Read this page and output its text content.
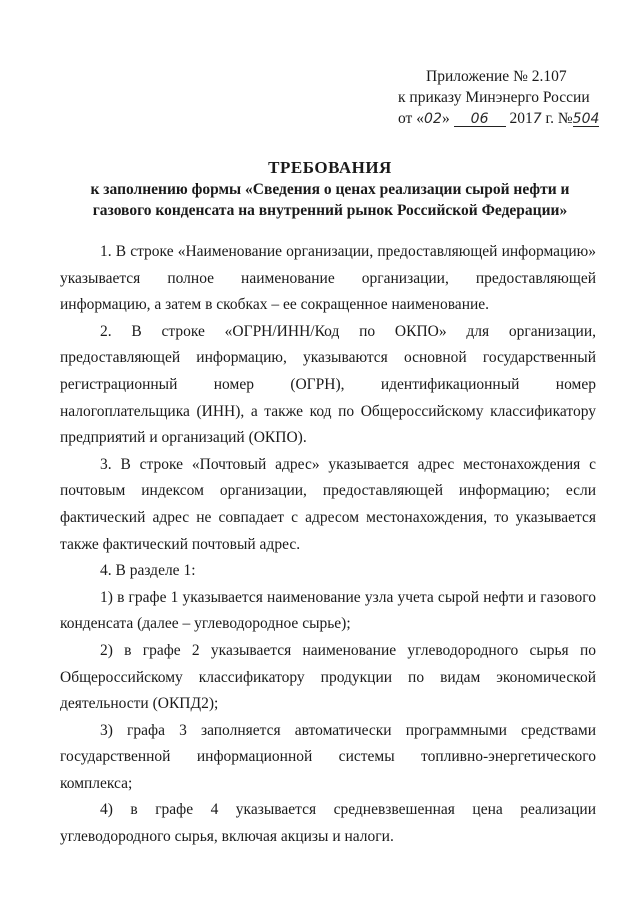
Приложение № 2.107
к приказу Минэнерго России
от «02» 06 2017 г. №504
ТРЕБОВАНИЯ
к заполнению формы «Сведения о ценах реализации сырой нефти и
газового конденсата на внутренний рынок Российской Федерации»

1. В строке «Наименование организации, предоставляющей информацию» указывается полное наименование организации, предоставляющей информацию, а затем в скобках – ее сокращенное наименование.

2. В строке «ОГРН/ИНН/Код по ОКПО» для организации, предоставляющей информацию, указываются основной государственный регистрационный номер (ОГРН), идентификационный номер налогоплательщика (ИНН), а также код по Общероссийскому классификатору предприятий и организаций (ОКПО).

3. В строке «Почтовый адрес» указывается адрес местонахождения с почтовым индексом организации, предоставляющей информацию; если фактический адрес не совпадает с адресом местонахождения, то указывается также фактический почтовый адрес.

4. В разделе 1:

1) в графе 1 указывается наименование узла учета сырой нефти и газового конденсата (далее – углеводородное сырье);

2) в графе 2 указывается наименование углеводородного сырья по Общероссийскому классификатору продукции по видам экономической деятельности (ОКПД2);

3) графа 3 заполняется автоматически программными средствами государственной информационной системы топливно-энергетического комплекса;

4) в графе 4 указывается средневзвешенная цена реализации углеводородного сырья, включая акцизы и налоги.
